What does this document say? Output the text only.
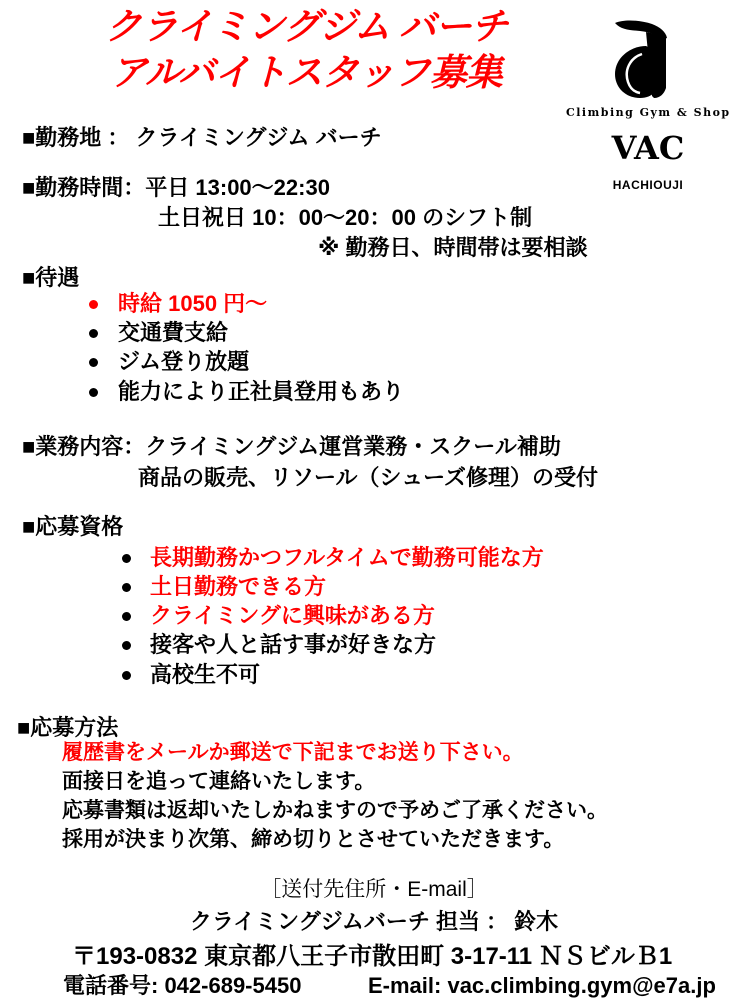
クライミングジム バーチ
アルバイトスタッフ募集
Climbing Gym & Shop
VAC
HACHIOUJI
■勤務地 ： クライミングジム バーチ
■勤務時間：平日 13:00～22:30
土日祝日 10：00～20：00 のシフト制
※ 勤務日、時間帯は要相談
■待遇
時給 1050 円～
交通費支給
ジム登り放題
能力により正社員登用もあり
■業務内容：クライミングジム運営業務・スクール補助
商品の販売、リソール（シューズ修理）の受付
■応募資格
長期勤務かつフルタイムで勤務可能な方
土日勤務できる方
クライミングに興味がある方
接客や人と話す事が好きな方
高校生不可
■応募方法
履歴書をメールか郵送で下記までお送り下さい。
面接日を追って連絡いたします。
応募書類は返却いたしかねますので予めご了承ください。
採用が決まり次第、締め切りとさせていただきます。
［送付先住所・E-mail］
クライミングジムバーチ 担当 ： 鈴木
〒193-0832 東京都八王子市散田町 3-17-11 ＮＳビルＢ1
電話番号: 042-689-5450	E-mail: vac.climbing.gym@e7a.jp
